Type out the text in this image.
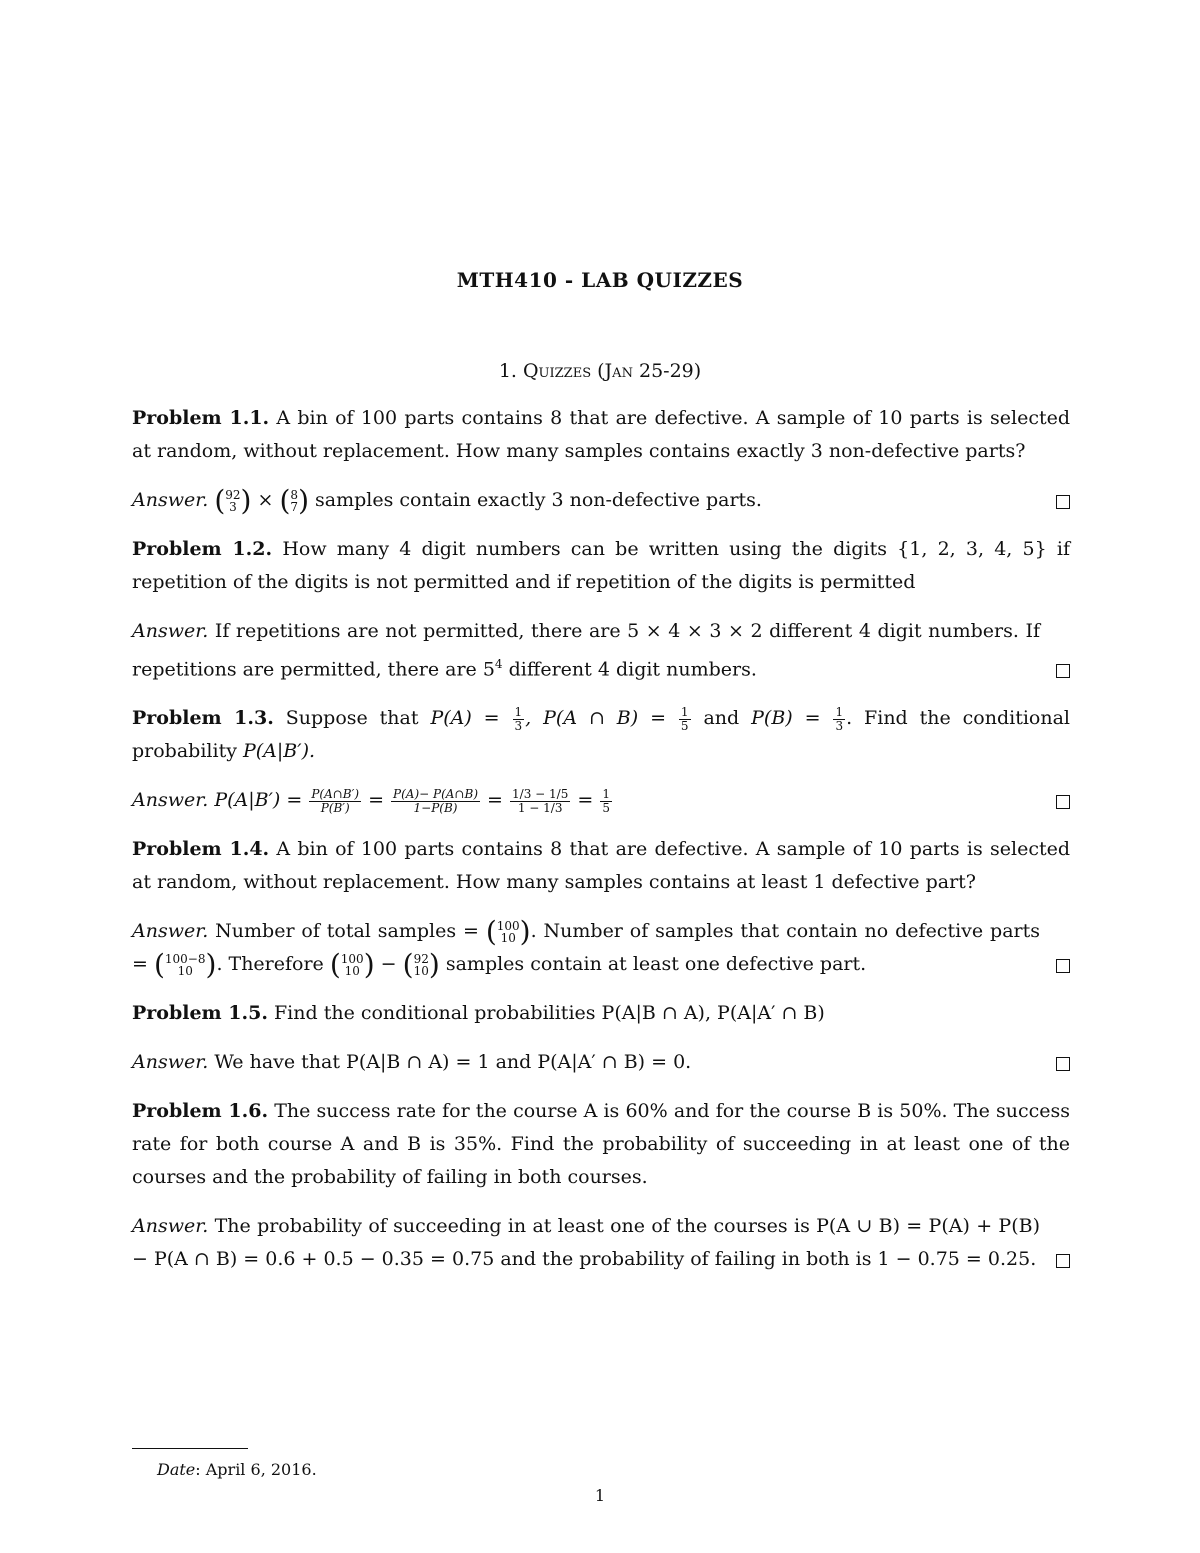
MTH410 - LAB QUIZZES
1. Quizzes (Jan 25-29)

Problem 1.1. A bin of 100 parts contains 8 that are defective. A sample of 10 parts is selected at random, without replacement. How many samples contains exactly 3 non-defective parts?

Answer. ( 92
3 ) × ( 8
7 ) samples contain exactly 3 non-defective parts.

Problem 1.2. How many 4 digit numbers can be written using the digits {1, 2, 3, 4, 5} if repetition of the digits is not permitted and if repetition of the digits is permitted

Answer. If repetitions are not permitted, there are 5 × 4 × 3 × 2 different 4 digit numbers. If repetitions are permitted, there are $5^4$ different 4 digit numbers.

Problem 1.3. Suppose that $P(A) = \frac{1}{3}$ , P(A ∩ $B) = \frac{1}{5}$ and $P(B) = \frac{1}{3}$ . Find the conditional probability P(A|B′).

Answer. $P(A|B') = \frac{P(A\cap B')}{P(B')} = \frac{P(A)- P(A\cap B)}{1-P(B)} = \frac{1/3 - 1/5}{1 - 1/3} = \frac{1}{5}$

Problem 1.4. A bin of 100 parts contains 8 that are defective. A sample of 10 parts is selected at random, without replacement. How many samples contains at least 1 defective part?

Answer. Number of total samples = ( 100
10 ) . Number of samples that contain no defective parts = ( 100−8
10 ) . Therefore ( 100
10 ) − ( 92
10 ) samples contain at least one defective part.

Problem 1.5. Find the conditional probabilities P(A|B ∩ A), P(A|A′ ∩ B)

Answer. We have that P(A|B ∩ A) = 1 and P(A|A′ ∩ B) = 0.

Problem 1.6. The success rate for the course A is 60% and for the course B is 50%. The success rate for both course A and B is 35%. Find the probability of succeeding in at least one of the courses and the probability of failing in both courses.

Answer. The probability of succeeding in at least one of the courses is P(A ∪ B) = P(A) + P(B) − P(A ∩ B) = 0.6 + 0.5 − 0.35 = 0.75 and the probability of failing in both is 1 − 0.75 = 0.25.

Date: April 6, 2016.
1
